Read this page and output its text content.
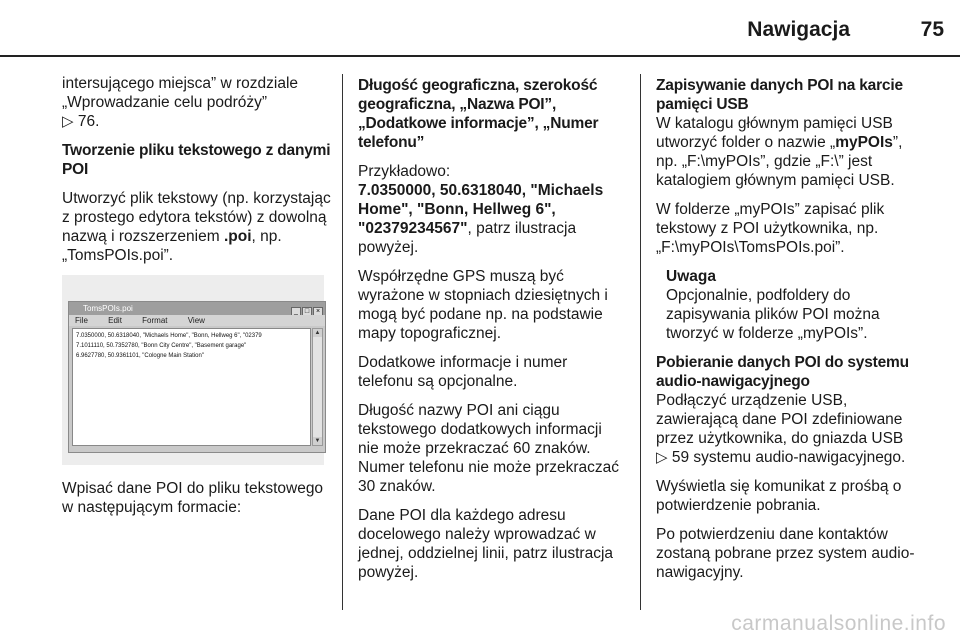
Nawigacja	75

intersującego miejsca” w rozdziale
„Wprowadzanie celu podróży”
▷ 76.

Tworzenie pliku tekstowego z danymi POI

Utworzyć plik tekstowy (np. korzystając z prostego edytora tekstów) z dowolną nazwą i rozszerzeniem .poi, np. „TomsPOIs.poi”.

TomsPOIs.poi	_ □ ×
File	Edit	Format	View
7.0350000, 50.6318040, "Michaels Home", "Bonn, Hellweg 6", "02379
7.1011110, 50.7352780, "Bonn City Centre", "Basement garage"
6.9627780, 50.9361101, "Cologne Main Station"
▲
▼

Wpisać dane POI do pliku tekstowego w następującym formacie:

Długość geograficzna, szerokość geograficzna, „Nazwa POI”, „Dodatkowe informacje”, „Numer telefonu”

Przykładowo:
7.0350000, 50.6318040, "Michaels Home", "Bonn, Hellweg 6", "02379234567", patrz ilustracja powyżej.

Współrzędne GPS muszą być wyrażone w stopniach dziesiętnych i mogą być podane np. na podstawie mapy topograficznej.

Dodatkowe informacje i numer telefonu są opcjonalne.

Długość nazwy POI ani ciągu tekstowego dodatkowych informacji nie może przekraczać 60 znaków. Numer telefonu nie może przekraczać 30 znaków.

Dane POI dla każdego adresu docelowego należy wprowadzać w jednej, oddzielnej linii, patrz ilustracja powyżej.

Zapisywanie danych POI na karcie pamięci USB
W katalogu głównym pamięci USB utworzyć folder o nazwie „myPOIs”, np. „F:\myPOIs”, gdzie „F:\” jest katalogiem głównym pamięci USB.

W folderze „myPOIs” zapisać plik tekstowy z POI użytkownika, np. „F:\myPOIs\TomsPOIs.poi”.

Uwaga
Opcjonalnie, podfoldery do zapisywania plików POI można tworzyć w folderze „myPOIs”.

Pobieranie danych POI do systemu audio-nawigacyjnego
Podłączyć urządzenie USB, zawierającą dane POI zdefiniowane przez użytkownika, do gniazda USB
▷ 59 systemu audio-nawigacyjnego.

Wyświetla się komunikat z prośbą o potwierdzenie pobrania.

Po potwierdzeniu dane kontaktów zostaną pobrane przez system audio-nawigacyjny.

carmanualsonline.info
